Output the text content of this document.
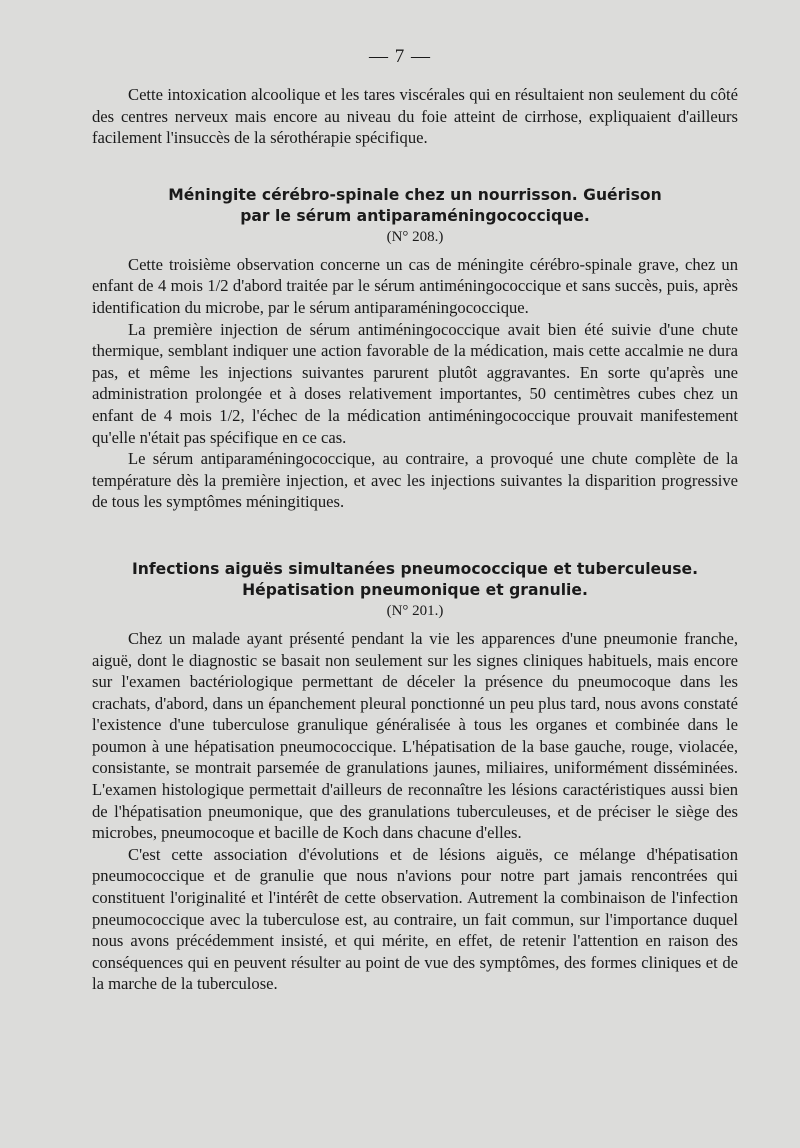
— 7 —

Cette intoxication alcoolique et les tares viscérales qui en résultaient non seulement du côté des centres nerveux mais encore au niveau du foie atteint de cirrhose, expliquaient d'ailleurs facilement l'insuccès de la sérothérapie spécifique.

Méningite cérébro-spinale chez un nourrisson. Guérison
par le sérum antiparaméningococcique.
(N° 208.)

Cette troisième observation concerne un cas de méningite cérébro-spinale grave, chez un enfant de 4 mois 1/2 d'abord traitée par le sérum antiméningococcique et sans succès, puis, après identification du microbe, par le sérum antiparaméningococcique.

La première injection de sérum antiméningococcique avait bien été suivie d'une chute thermique, semblant indiquer une action favorable de la médication, mais cette accalmie ne dura pas, et même les injections suivantes parurent plutôt aggravantes. En sorte qu'après une administration prolongée et à doses relativement importantes, 50 centimètres cubes chez un enfant de 4 mois 1/2, l'échec de la médication antiméningococcique prouvait manifestement qu'elle n'était pas spécifique en ce cas.

Le sérum antiparaméningococcique, au contraire, a provoqué une chute complète de la température dès la première injection, et avec les injections suivantes la disparition progressive de tous les symptômes méningitiques.

Infections aiguës simultanées pneumococcique et tuberculeuse.
Hépatisation pneumonique et granulie.
(N° 201.)

Chez un malade ayant présenté pendant la vie les apparences d'une pneumonie franche, aiguë, dont le diagnostic se basait non seulement sur les signes cliniques habituels, mais encore sur l'examen bactériologique permettant de déceler la présence du pneumocoque dans les crachats, d'abord, dans un épanchement pleural ponctionné un peu plus tard, nous avons constaté l'existence d'une tuberculose granulique généralisée à tous les organes et combinée dans le poumon à une hépatisation pneumococcique. L'hépatisation de la base gauche, rouge, violacée, consistante, se montrait parsemée de granulations jaunes, miliaires, uniformément disséminées. L'examen histologique permettait d'ailleurs de reconnaître les lésions caractéristiques aussi bien de l'hépatisation pneumonique, que des granulations tuberculeuses, et de préciser le siège des microbes, pneumocoque et bacille de Koch dans chacune d'elles.

C'est cette association d'évolutions et de lésions aiguës, ce mélange d'hépatisation pneumococcique et de granulie que nous n'avions pour notre part jamais rencontrées qui constituent l'originalité et l'intérêt de cette observation. Autrement la combinaison de l'infection pneumococcique avec la tuberculose est, au contraire, un fait commun, sur l'importance duquel nous avons précédemment insisté, et qui mérite, en effet, de retenir l'attention en raison des conséquences qui en peuvent résulter au point de vue des symptômes, des formes cliniques et de la marche de la tuberculose.
